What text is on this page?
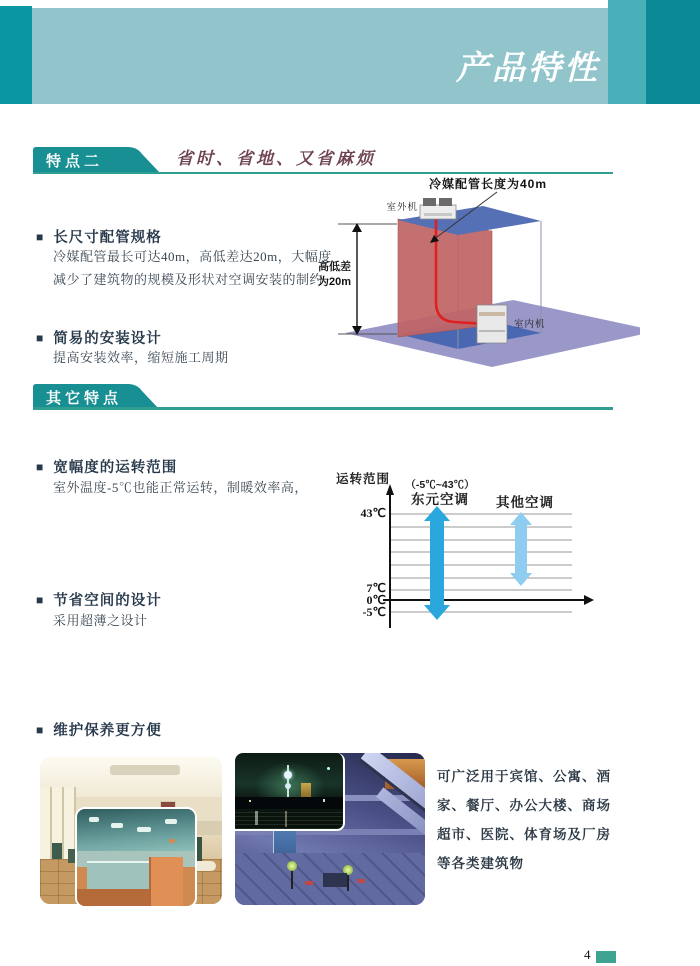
产品特性
特点二	省时、省地、又省麻烦
■ 长尺寸配管规格
冷媒配管最长可达40m，高低差达20m，大幅度
减少了建筑物的规模及形状对空调安装的制约
■ 简易的安装设计
提高安装效率，缩短施工周期
冷媒配管长度为40m
室外机
室内机
高低差
为20m
其它特点
■ 宽幅度的运转范围
室外温度-5℃也能正常运转，制暖效率高，
■ 节省空间的设计
采用超薄之设计
■ 维护保养更方便
运转范围	（-5℃~43℃）
东元空调	其他空调
43℃
7℃
0℃
-5℃
可广泛用于宾馆、公寓、酒
家、餐厅、办公大楼、商场
超市、医院、体育场及厂房
等各类建筑物
4
